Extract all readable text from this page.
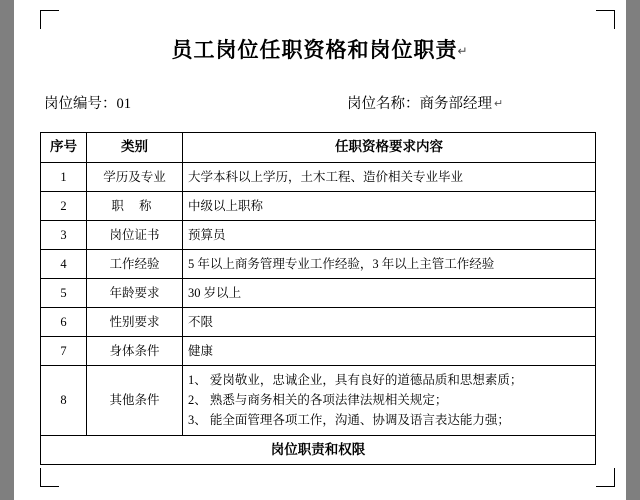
员工岗位任职资格和岗位职责↵
岗位编号：01	岗位名称：商务部经理 ↵
序号	类别	任职资格要求内容
1	学历及专业	大学本科以上学历，土木工程、造价相关专业毕业
2	职 称	中级以上职称
3	岗位证书	预算员
4	工作经验	5 年以上商务管理专业工作经验，3 年以上主管工作经验
5	年龄要求	30 岁以上
6	性别要求	不限
7	身体条件	健康
8	其他条件	1、 爱岗敬业，忠诚企业，具有良好的道德品质和思想素质；
2、 熟悉与商务相关的各项法律法规相关规定；
3、 能全面管理各项工作，沟通、协调及语言表达能力强；

岗位职责和权限		
